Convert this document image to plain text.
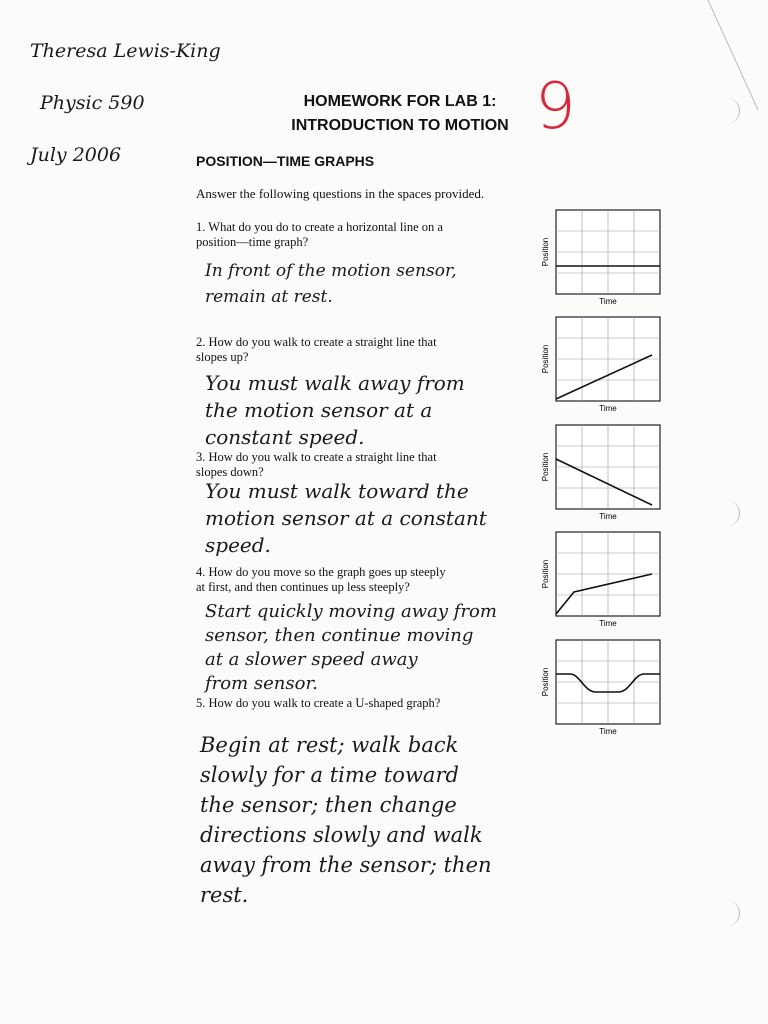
Theresa Lewis-King

Physic 590

July 2006

9
HOMEWORK FOR LAB 1:
INTRODUCTION TO MOTION
POSITION—TIME GRAPHS
Answer the following questions in the spaces provided.
1. What do you do to create a horizontal line on a position—time graph?
In front of the motion sensor,
remain at rest.
2. How do you walk to create a straight line that slopes up?
You must walk away from
the motion sensor at a
constant speed.
3. How do you walk to create a straight line that slopes down?
You must walk toward the
motion sensor at a constant
speed.
4. How do you move so the graph goes up steeply at first, and then continues up less steeply?
Start quickly moving away from
sensor, then continue moving
at a slower speed away
from sensor.
5. How do you walk to create a U-shaped graph?
Begin at rest; walk back
slowly for a time toward
the sensor; then change
directions slowly and walk
away from the sensor; then
rest.
Position
Time
Position
Time
Position
Time
Position
Time
Position
Time
